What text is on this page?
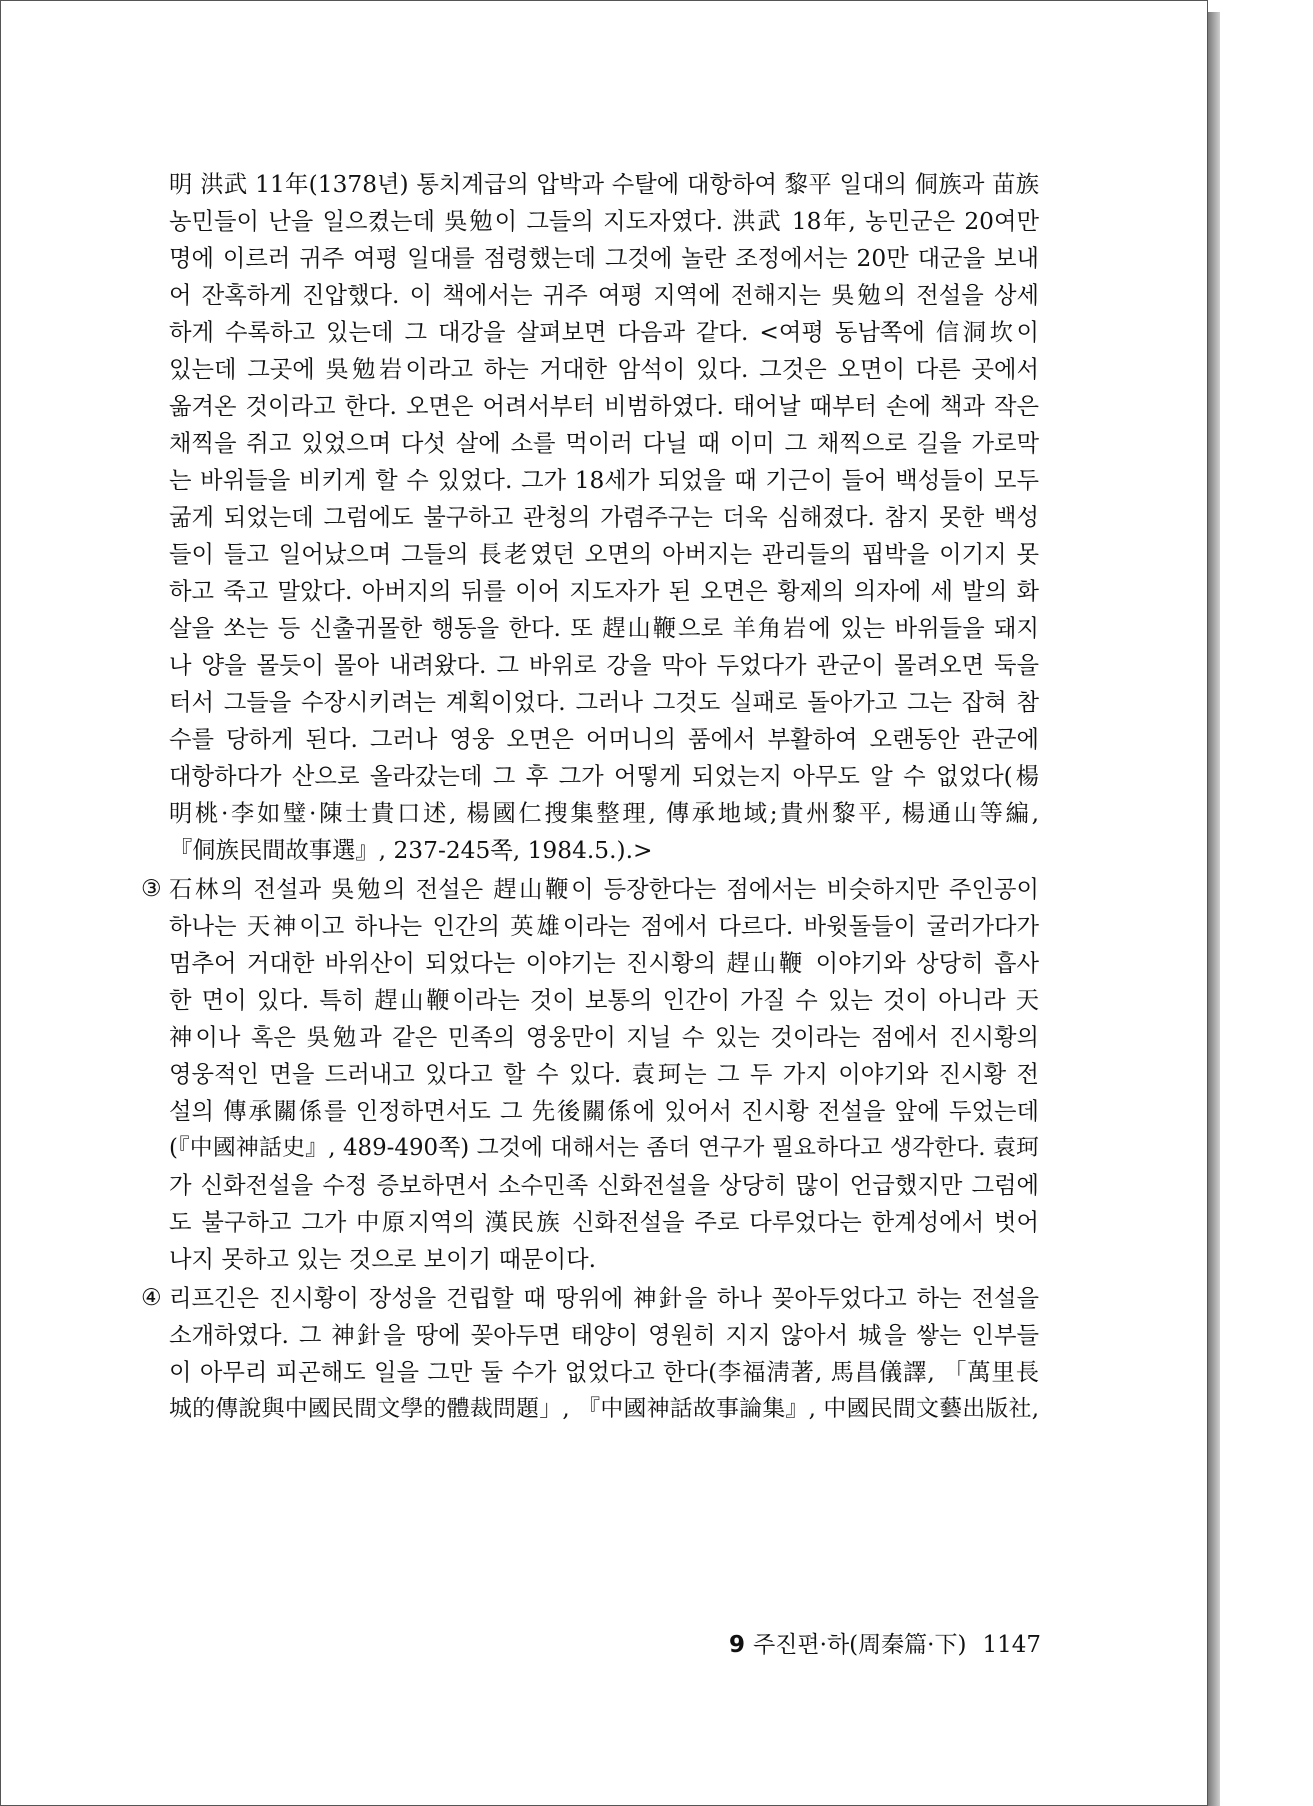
明 洪武 11年(1378년) 통치계급의 압박과 수탈에 대항하여 黎平 일대의 侗族과 苗族
농민들이 난을 일으켰는데 吳勉이 그들의 지도자였다. 洪武 18年, 농민군은 20여만
명에 이르러 귀주 여평 일대를 점령했는데 그것에 놀란 조정에서는 20만 대군을 보내
어 잔혹하게 진압했다. 이 책에서는 귀주 여평 지역에 전해지는 吳勉의 전설을 상세
하게 수록하고 있는데 그 대강을 살펴보면 다음과 같다. <여평 동남쪽에 信洞坎이
있는데 그곳에 吳勉岩이라고 하는 거대한 암석이 있다. 그것은 오면이 다른 곳에서
옮겨온 것이라고 한다. 오면은 어려서부터 비범하였다. 태어날 때부터 손에 책과 작은
채찍을 쥐고 있었으며 다섯 살에 소를 먹이러 다닐 때 이미 그 채찍으로 길을 가로막
는 바위들을 비키게 할 수 있었다. 그가 18세가 되었을 때 기근이 들어 백성들이 모두
굶게 되었는데 그럼에도 불구하고 관청의 가렴주구는 더욱 심해졌다. 참지 못한 백성
들이 들고 일어났으며 그들의 長老였던 오면의 아버지는 관리들의 핍박을 이기지 못
하고 죽고 말았다. 아버지의 뒤를 이어 지도자가 된 오면은 황제의 의자에 세 발의 화
살을 쏘는 등 신출귀몰한 행동을 한다. 또 趕山鞭으로 羊角岩에 있는 바위들을 돼지
나 양을 몰듯이 몰아 내려왔다. 그 바위로 강을 막아 두었다가 관군이 몰려오면 둑을
터서 그들을 수장시키려는 계획이었다. 그러나 그것도 실패로 돌아가고 그는 잡혀 참
수를 당하게 된다. 그러나 영웅 오면은 어머니의 품에서 부활하여 오랜동안 관군에
대항하다가 산으로 올라갔는데 그 후 그가 어떻게 되었는지 아무도 알 수 없었다(楊
明桃·李如璧·陳士貴口述, 楊國仁搜集整理, 傳承地域;貴州黎平, 楊通山等編,
『侗族民間故事選』, 237-245쪽, 1984.5.).>
③ 石林의 전설과 吳勉의 전설은 趕山鞭이 등장한다는 점에서는 비슷하지만 주인공이
하나는 天神이고 하나는 인간의 英雄이라는 점에서 다르다. 바윗돌들이 굴러가다가
멈추어 거대한 바위산이 되었다는 이야기는 진시황의 趕山鞭 이야기와 상당히 흡사
한 면이 있다. 특히 趕山鞭이라는 것이 보통의 인간이 가질 수 있는 것이 아니라 天
神이나 혹은 吳勉과 같은 민족의 영웅만이 지닐 수 있는 것이라는 점에서 진시황의
영웅적인 면을 드러내고 있다고 할 수 있다. 袁珂는 그 두 가지 이야기와 진시황 전
설의 傳承關係를 인정하면서도 그 先後關係에 있어서 진시황 전설을 앞에 두었는데
(『中國神話史』, 489-490쪽) 그것에 대해서는 좀더 연구가 필요하다고 생각한다. 袁珂
가 신화전설을 수정 증보하면서 소수민족 신화전설을 상당히 많이 언급했지만 그럼에
도 불구하고 그가 中原지역의 漢民族 신화전설을 주로 다루었다는 한계성에서 벗어
나지 못하고 있는 것으로 보이기 때문이다.
④ 리프긴은 진시황이 장성을 건립할 때 땅위에 神針을 하나 꽂아두었다고 하는 전설을
소개하였다. 그 神針을 땅에 꽂아두면 태양이 영원히 지지 않아서 城을 쌓는 인부들
이 아무리 피곤해도 일을 그만 둘 수가 없었다고 한다(李福淸著, 馬昌儀譯, 「萬里長
城的傳說與中國民間文學的體裁問題」, 『中國神話故事論集』, 中國民間文藝出版社,
9 주진편·하(周秦篇·下) 1147
